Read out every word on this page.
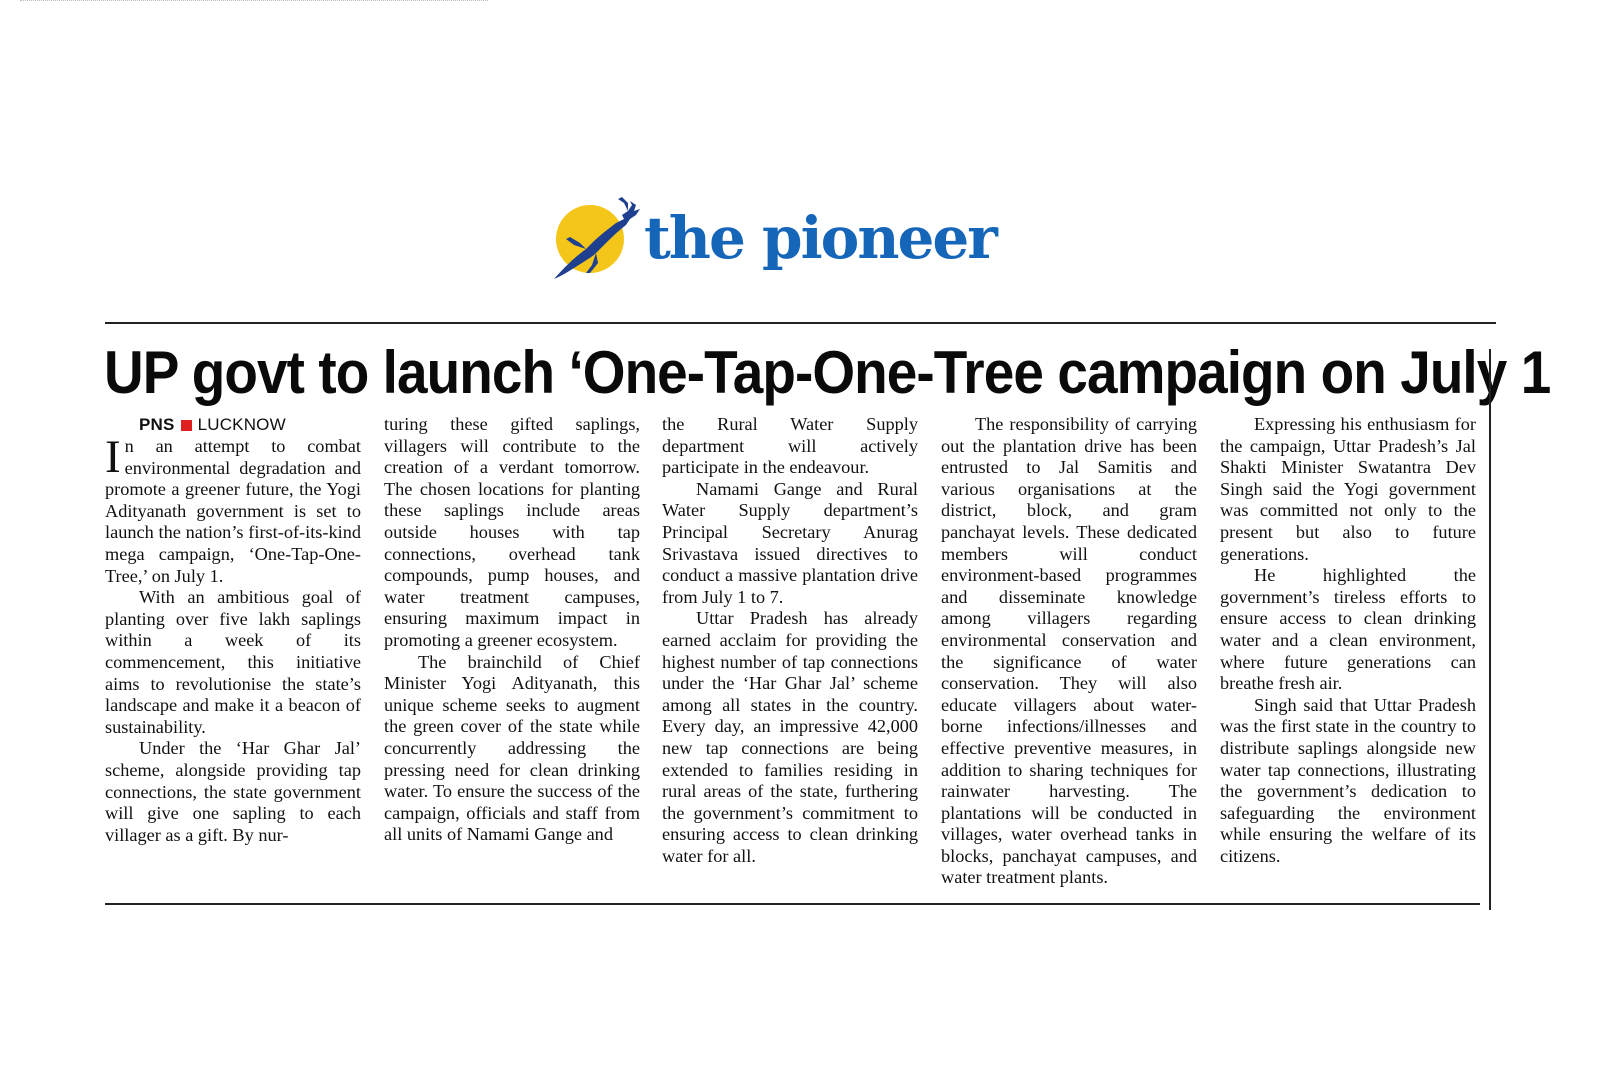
the pioneer
UP govt to launch ‘One-Tap-One-Tree campaign on July 1

PNS LUCKNOW

In an attempt to combat environmental degradation and promote a greener future, the Yogi Adityanath government is set to launch the nation’s first-of-its-kind mega campaign, ‘One-Tap-One-Tree,’ on July 1.

With an ambitious goal of planting over five lakh saplings within a week of its commencement, this initiative aims to revolutionise the state’s landscape and make it a beacon of sustainability.

Under the ‘Har Ghar Jal’ scheme, alongside providing tap connections, the state government will give one sapling to each villager as a gift. By nur-

turing these gifted saplings, villagers will contribute to the creation of a verdant tomorrow. The chosen locations for planting these saplings include areas outside houses with tap connections, overhead tank compounds, pump houses, and water treatment campuses, ensuring maximum impact in promoting a greener ecosystem.

The brainchild of Chief Minister Yogi Adityanath, this unique scheme seeks to augment the green cover of the state while concurrently addressing the pressing need for clean drinking water. To ensure the success of the campaign, officials and staff from all units of Namami Gange and

the Rural Water Supply department will actively participate in the endeavour.

Namami Gange and Rural Water Supply department’s Principal Secretary Anurag Srivastava issued directives to conduct a massive plantation drive from July 1 to 7.

Uttar Pradesh has already earned acclaim for providing the highest number of tap connections under the ‘Har Ghar Jal’ scheme among all states in the country. Every day, an impressive 42,000 new tap connections are being extended to families residing in rural areas of the state, furthering the government’s commitment to ensuring access to clean drinking water for all.

The responsibility of carrying out the plantation drive has been entrusted to Jal Samitis and various organisations at the district, block, and gram panchayat levels. These dedicated members will conduct environment-based programmes and disseminate knowledge among villagers regarding environmental conservation and the significance of water conservation. They will also educate villagers about water-borne infections/illnesses and effective preventive measures, in addition to sharing techniques for rainwater harvesting. The plantations will be conducted in villages, water overhead tanks in blocks, panchayat campuses, and water treatment plants.

Expressing his enthusiasm for the campaign, Uttar Pradesh’s Jal Shakti Minister Swatantra Dev Singh said the Yogi government was committed not only to the present but also to future generations.

He highlighted the government’s tireless efforts to ensure access to clean drinking water and a clean environment, where future generations can breathe fresh air.

Singh said that Uttar Pradesh was the first state in the country to distribute saplings alongside new water tap connections, illustrating the government’s dedication to safeguarding the environment while ensuring the welfare of its citizens.
